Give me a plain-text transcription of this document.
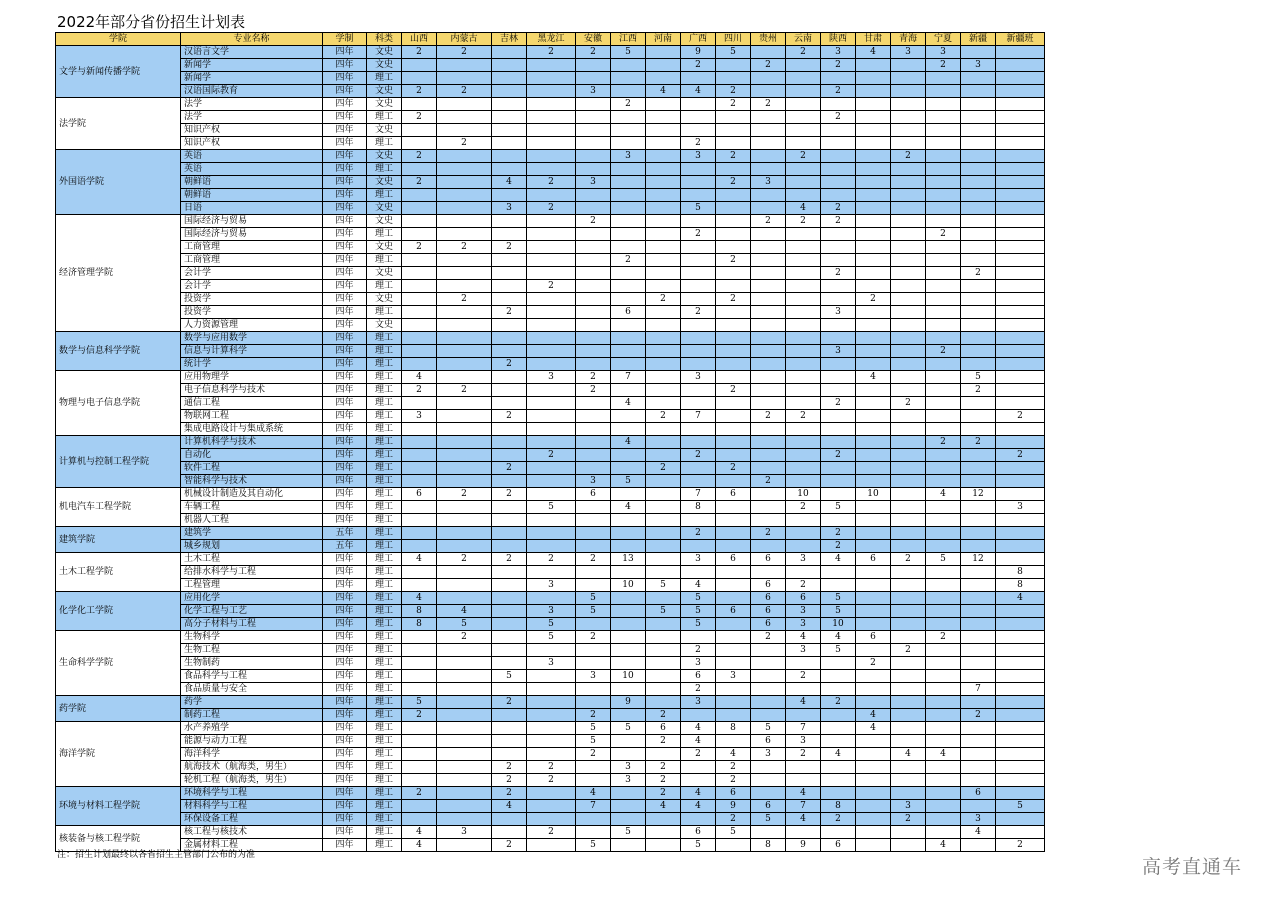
2022年部分省份招生计划表
学院	专业名称	学制	科类	山西	内蒙古	吉林	黑龙江	安徽	江西	河南	广西	四川	贵州	云南	陕西	甘肃	青海	宁夏	新疆	新疆班
文学与新闻传播学院	汉语言文学	四年	文史	2	2		2	2	5		9	5		2	3	4	3	3		
	新闻学	四年	文史								2		2		2			2	3	
	新闻学	四年	理工																	
	汉语国际教育	四年	文史	2	2			3		4	4	2			2					
法学院	法学	四年	文史						2			2	2							
	法学	四年	理工	2											2					
	知识产权	四年	文史																	
	知识产权	四年	理工		2						2									
外国语学院	英语	四年	文史	2					3		3	2		2			2			
	英语	四年	理工																	
	朝鲜语	四年	文史	2		4	2	3				2	3							
	朝鲜语	四年	理工																	
	日语	四年	文史			3	2				5			4	2					
经济管理学院	国际经济与贸易	四年	文史					2					2	2	2					
	国际经济与贸易	四年	理工								2							2		
	工商管理	四年	文史	2	2	2														
	工商管理	四年	理工						2			2								
	会计学	四年	文史												2				2	
	会计学	四年	理工				2													
	投资学	四年	文史		2					2		2				2				
	投资学	四年	理工			2			6		2				3					
	人力资源管理	四年	文史																	
数学与信息科学学院	数学与应用数学	四年	理工																	
	信息与计算科学	四年	理工												3			2		
	统计学	四年	理工			2														
物理与电子信息学院	应用物理学	四年	理工	4			3	2	7		3					4			5	
	电子信息科学与技术	四年	理工	2	2			2				2							2	
	通信工程	四年	理工						4						2		2			
	物联网工程	四年	理工	3		2				2	7		2	2						2
	集成电路设计与集成系统	四年	理工																	
计算机与控制工程学院	计算机科学与技术	四年	理工						4									2	2	
	自动化	四年	理工				2				2				2					2
	软件工程	四年	理工			2				2		2								
	智能科学与技术	四年	理工					3	5				2							
机电汽车工程学院	机械设计制造及其自动化	四年	理工	6	2	2		6			7	6		10		10		4	12	
	车辆工程	四年	理工				5		4		8			2	5					3
	机器人工程	四年	理工																	
建筑学院	建筑学	五年	理工								2		2		2					
	城乡规划	五年	理工												2					
土木工程学院	土木工程	四年	理工	4	2	2	2	2	13		3	6	6	3	4	6	2	5	12	
	给排水科学与工程	四年	理工																	8
	工程管理	四年	理工				3		10	5	4		6	2						8
化学化工学院	应用化学	四年	理工	4				5			5		6	6	5					4
	化学工程与工艺	四年	理工	8	4		3	5		5	5	6	6	3	5					
	高分子材料与工程	四年	理工	8	5		5				5		6	3	10					
生命科学学院	生物科学	四年	理工		2		5	2					2	4	4	6		2		
	生物工程	四年	理工								2			3	5		2			
	生物制药	四年	理工				3				3					2				
	食品科学与工程	四年	理工			5		3	10		6	3		2						
	食品质量与安全	四年	理工								2								7	
药学院	药学	四年	理工	5		2			9		3			4	2					
	制药工程	四年	理工	2				2		2						4			2	
海洋学院	水产养殖学	四年	理工					5	5	6	4	8	5	7		4				
	能源与动力工程	四年	理工					5		2	4		6	3						
	海洋科学	四年	理工					2			2	4	3	2	4		4	4		
	航海技术（航海类，男生）	四年	理工			2	2		3	2		2								
	轮机工程（航海类，男生）	四年	理工			2	2		3	2		2								
环境与材料工程学院	环境科学与工程	四年	理工	2		2		4		2	4	6		4					6	
	材料科学与工程	四年	理工			4		7		4	4	9	6	7	8		3			5
	环保设备工程	四年	理工									2	5	4	2		2		3	
核装备与核工程学院	核工程与核技术	四年	理工	4	3		2		5		6	5							4	
	金属材料工程	四年	理工	4		2		5			5		8	9	6			4		2
注：招生计划最终以各省招生主管部门公布的为准
高考直通车
